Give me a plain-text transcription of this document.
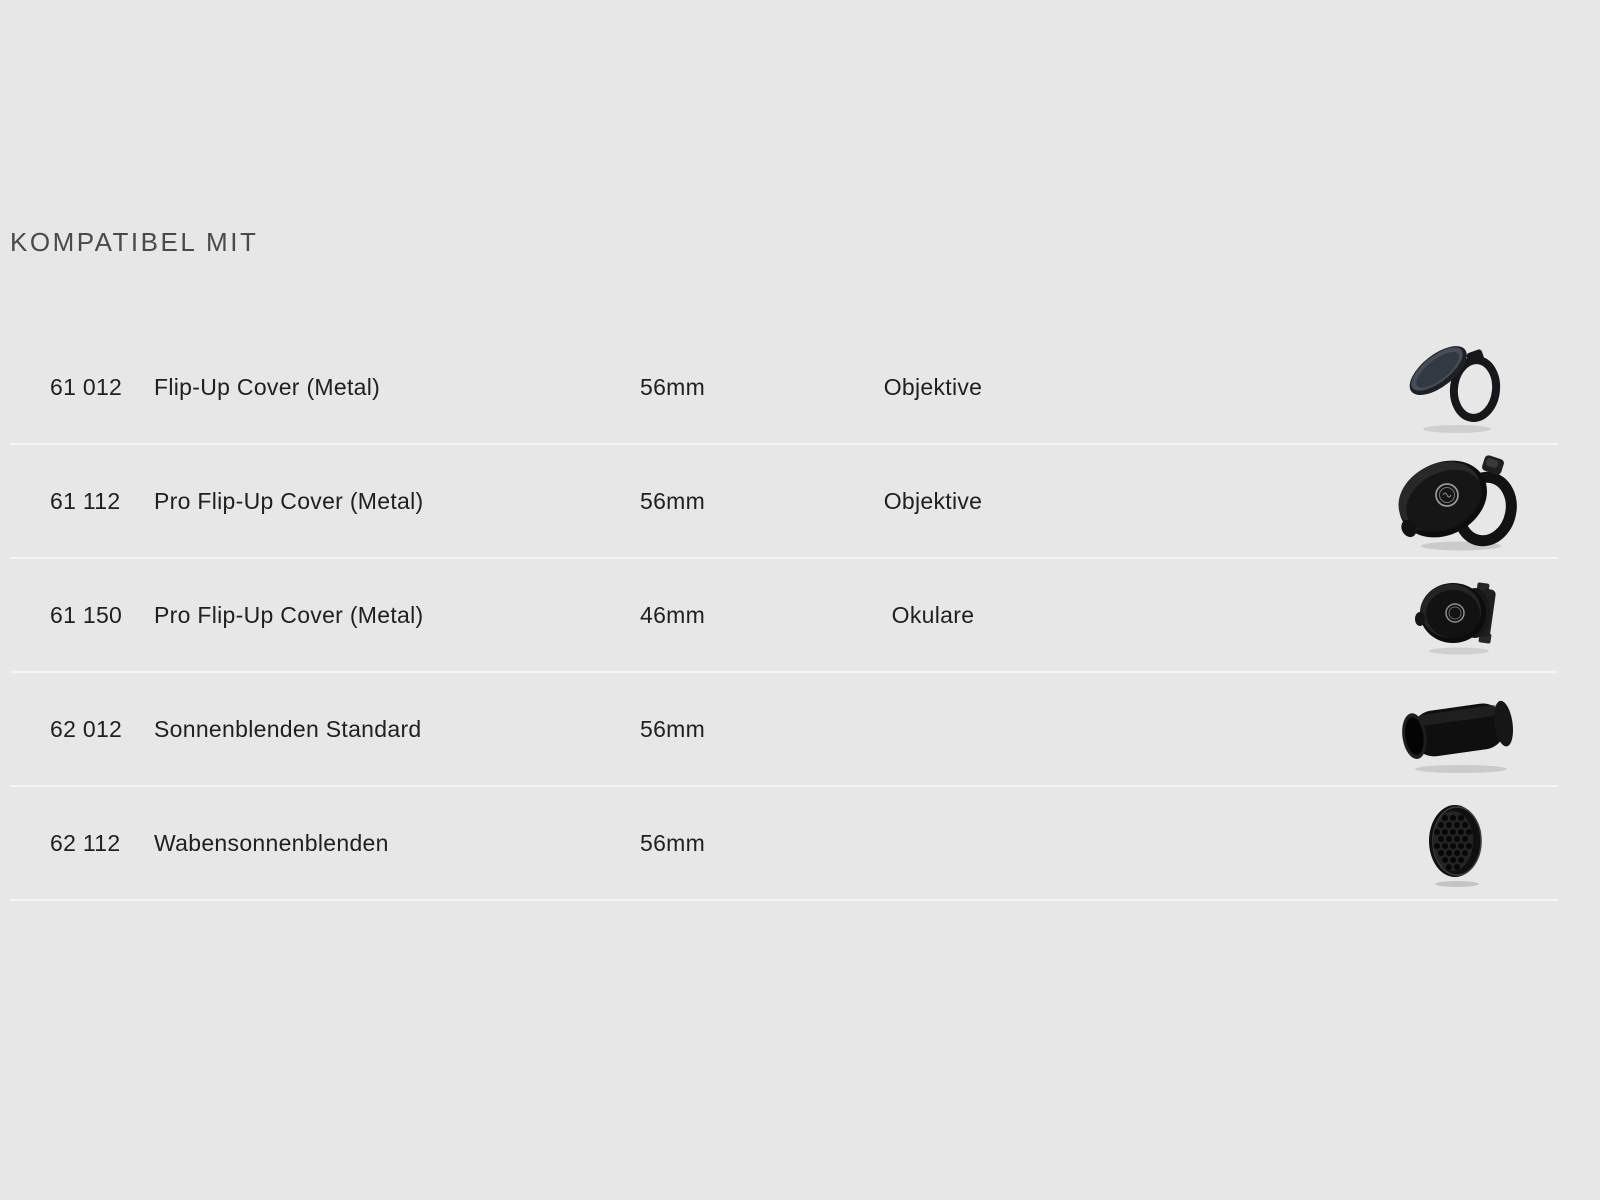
KOMPATIBEL MIT
61 012	Flip-Up Cover (Metal)	56mm	Objektive
61 112	Pro Flip-Up Cover (Metal)	56mm	Objektive
61 150	Pro Flip-Up Cover (Metal)	46mm	Okulare
62 012	Sonnenblenden Standard	56mm
62 112	Wabensonnenblenden	56mm
